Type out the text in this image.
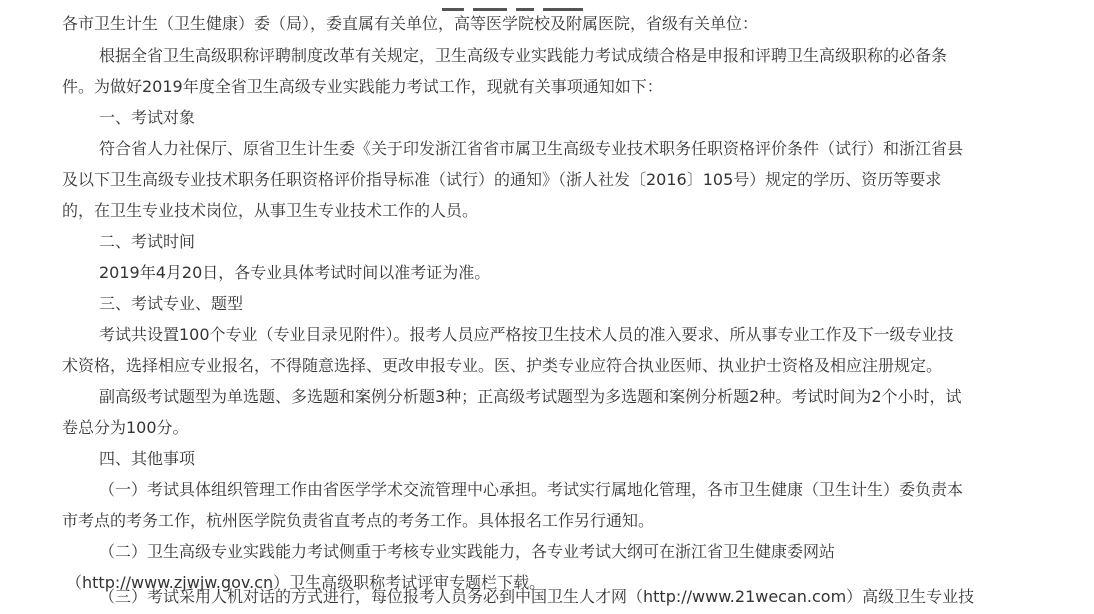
各市卫生计生（卫生健康）委（局），委直属有关单位，高等医学院校及附属医院，省级有关单位：
根据全省卫生高级职称评聘制度改革有关规定，卫生高级专业实践能力考试成绩合格是申报和评聘卫生高级职称的必备条
件。为做好2019年度全省卫生高级专业实践能力考试工作，现就有关事项通知如下：
一、考试对象
符合省人力社保厅、原省卫生计生委《关于印发浙江省省市属卫生高级专业技术职务任职资格评价条件（试行）和浙江省县
及以下卫生高级专业技术职务任职资格评价指导标准（试行）的通知》（浙人社发〔2016〕105号）规定的学历、资历等要求
的，在卫生专业技术岗位，从事卫生专业技术工作的人员。
二、考试时间
2019年4月20日，各专业具体考试时间以准考证为准。
三、考试专业、题型
考试共设置100个专业（专业目录见附件）。报考人员应严格按卫生技术人员的准入要求、所从事专业工作及下一级专业技
术资格，选择相应专业报名，不得随意选择、更改申报专业。医、护类专业应符合执业医师、执业护士资格及相应注册规定。
副高级考试题型为单选题、多选题和案例分析题3种；正高级考试题型为多选题和案例分析题2种。考试时间为2个小时，试
卷总分为100分。
四、其他事项
（一）考试具体组织管理工作由省医学学术交流管理中心承担。考试实行属地化管理，各市卫生健康（卫生计生）委负责本
市考点的考务工作，杭州医学院负责省直考点的考务工作。具体报名工作另行通知。
（二）卫生高级专业实践能力考试侧重于考核专业实践能力，各专业考试大纲可在浙江省卫生健康委网站
（http://www.zjwjw.gov.cn）卫生高级职称考试评审专题栏下载。
（三）考试采用人机对话的方式进行，每位报考人员务必到中国卫生人才网（http://www.21wecan.com）高级卫生专业技
